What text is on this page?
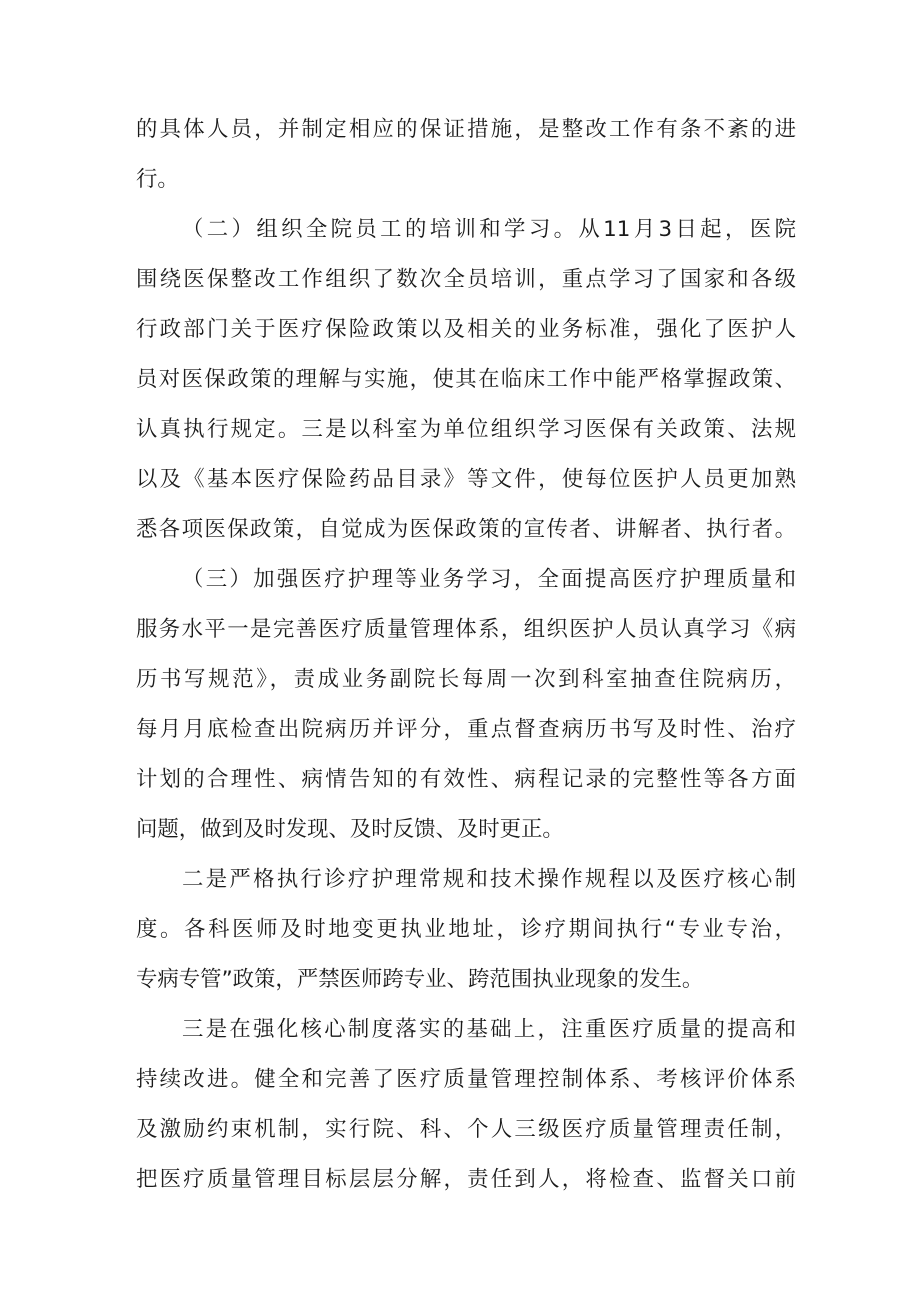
的具体人员，并制定相应的保证措施，是整改工作有条不紊的进
行。
（二）组织全院员工的培训和学习。从11月3日起，医院
围绕医保整改工作组织了数次全员培训，重点学习了国家和各级
行政部门关于医疗保险政策以及相关的业务标准，强化了医护人
员对医保政策的理解与实施，使其在临床工作中能严格掌握政策、
认真执行规定。三是以科室为单位组织学习医保有关政策、法规
以及《基本医疗保险药品目录》等文件，使每位医护人员更加熟
悉各项医保政策，自觉成为医保政策的宣传者、讲解者、执行者。
（三）加强医疗护理等业务学习，全面提高医疗护理质量和
服务水平一是完善医疗质量管理体系，组织医护人员认真学习《病
历书写规范》，责成业务副院长每周一次到科室抽查住院病历，
每月月底检查出院病历并评分，重点督查病历书写及时性、治疗
计划的合理性、病情告知的有效性、病程记录的完整性等各方面
问题，做到及时发现、及时反馈、及时更正。
二是严格执行诊疗护理常规和技术操作规程以及医疗核心制
度。各科医师及时地变更执业地址，诊疗期间执行“专业专治，
专病专管”政策，严禁医师跨专业、跨范围执业现象的发生。
三是在强化核心制度落实的基础上，注重医疗质量的提高和
持续改进。健全和完善了医疗质量管理控制体系、考核评价体系
及激励约束机制，实行院、科、个人三级医疗质量管理责任制，
把医疗质量管理目标层层分解，责任到人，将检查、监督关口前
